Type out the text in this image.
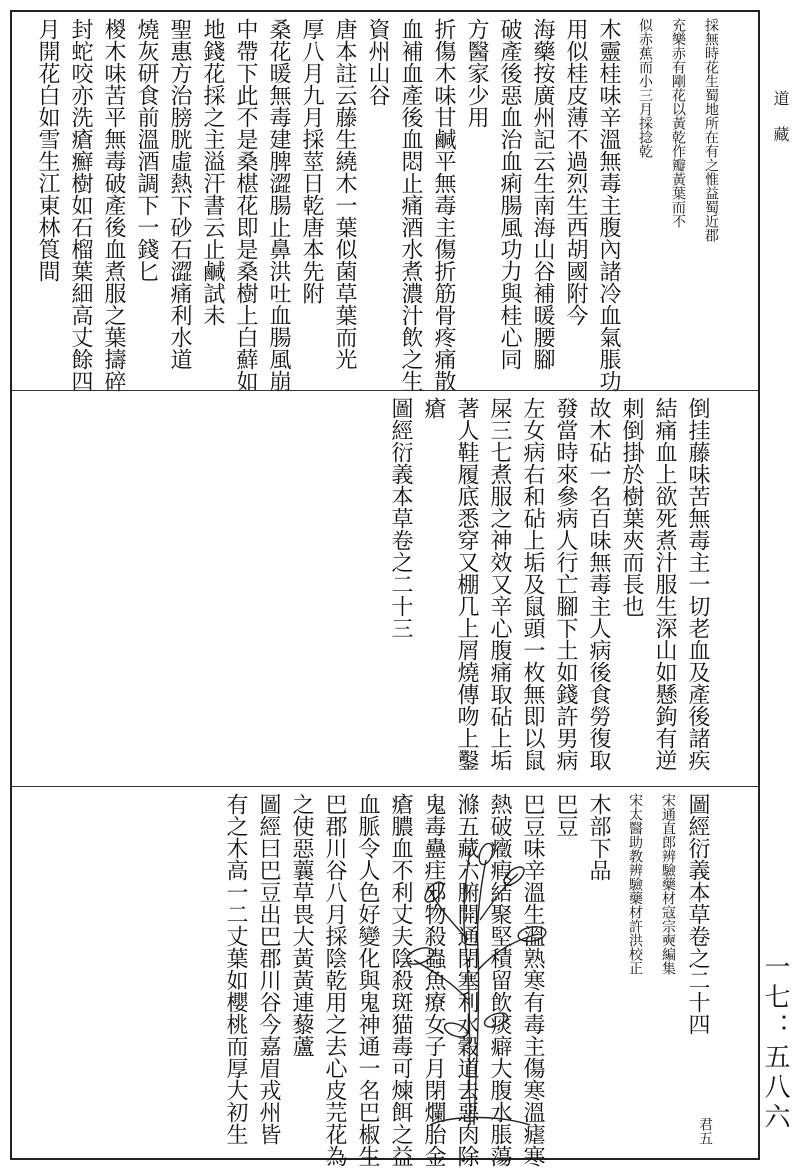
採無時花生蜀地所在有之惟益蜀近郡
充樂赤有剛花以黃乾作瓣黃葉而不
似赤蕉而小三月採捻乾
木靈桂味辛溫無毒主腹內諸冷血氣脹功
用似桂皮薄不過烈生西胡國附今
海藥按廣州記云生南海山谷補暖腰腳
破產後惡血治血痢腸風功力與桂心同
方醫家少用
折傷木味甘鹹平無毒主傷折筋骨疼痛散
血補血產後血悶止痛酒水煮濃汁飲之生
資州山谷
唐本註云藤生繞木一葉似菌草葉而光
厚八月九月採莖日乾唐本先附
桑花暖無毒建脾澀腸止鼻洪吐血腸風崩
中帶下此不是桑椹花即是桑樹上白蘚如
地錢花採之主溢汗書云止鹹試未
聖惠方治膀胱虛熱下砂石澀痛利水道
燒灰研食前溫酒調下一錢匕
椶木味苦平無毒破產後血煮服之葉擣碎
封蛇咬亦洗瘡癬樹如石榴葉細高丈餘四
月開花白如雪生江東林筤間
倒挂藤味苦無毒主一切老血及產後諸疾
結痛血上欲死煮汁服生深山如懸鉤有逆
刺倒掛於樹葉夾而長也
故木砧一名百味無毒主人病後食勞復取
發當時來參病人行亡腳下土如錢許男病
左女病右和砧上垢及鼠頭一枚無即以鼠
屎三七煮服之神效又辛心腹痛取砧上垢
著人鞋履底悉穿又棚几上屑燒傳吻上鑿
瘡
圖經衍義本草卷之二十三
圖經衍義本草卷之二十四
宋通直郎辨驗藥材寇宗奭編集
宋太醫助教辨驗藥材許洪校正
木部下品
巴豆
巴豆味辛溫生溫熟寒有毒主傷寒溫瘧寒
熱破癥瘕結聚堅積留飲痰癖大腹水脹蕩
滌五藏六腑開通閉塞利水穀道去惡肉除
鬼毒蠱疰邪物殺蟲魚療女子月閉爛胎金
瘡膿血不利丈夫陰殺斑猫毒可煉餌之益
血脈令人色好變化與鬼神通一名巴椒生
巴郡川谷八月採陰乾用之去心皮芫花為
之使惡蘘草畏大黃黃連藜蘆
圖經曰巴豆出巴郡川谷今嘉眉戎州皆
有之木高一二丈葉如櫻桃而厚大初生	君五
道藏
一七：五八六
